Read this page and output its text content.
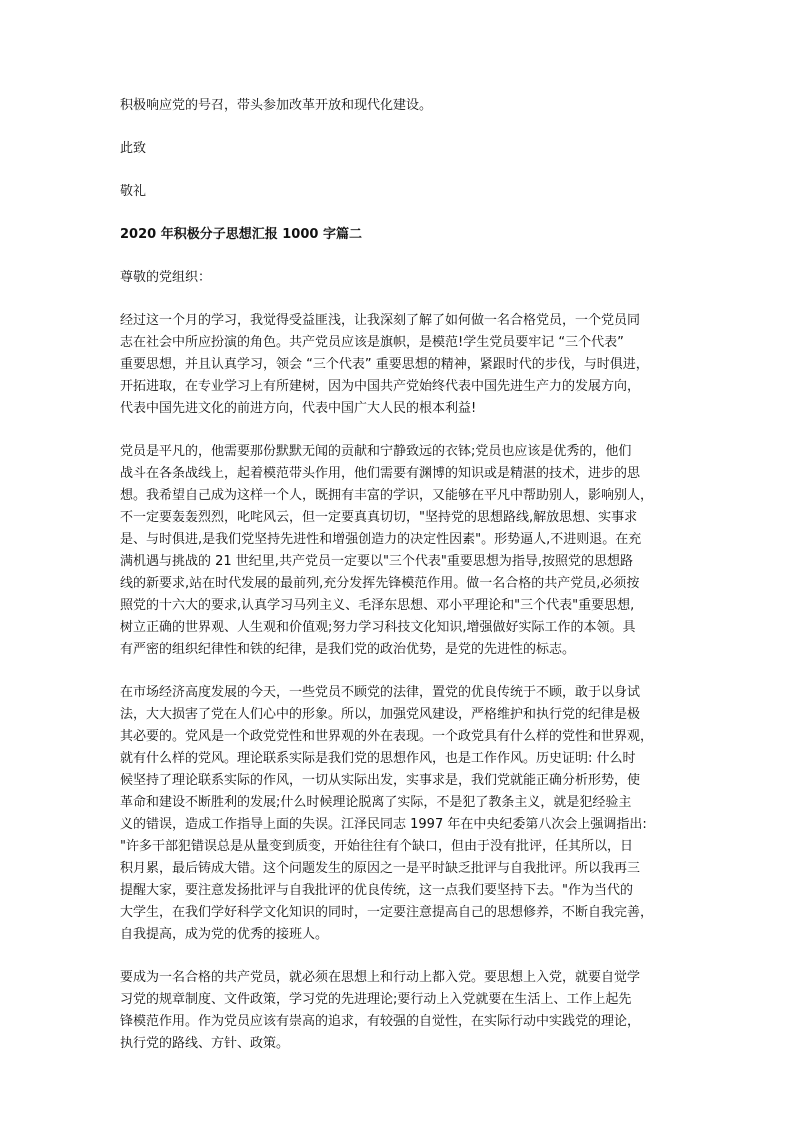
积极响应党的号召，带头参加改革开放和现代化建设。

此致

敬礼

2020 年积极分子思想汇报 1000 字篇二

尊敬的党组织：

经过这一个月的学习，我觉得受益匪浅，让我深刻了解了如何做一名合格党员，一个党员同
志在社会中所应扮演的角色。共产党员应该是旗帜，是模范!学生党员要牢记 “三个代表”
重要思想，并且认真学习，领会 “三个代表” 重要思想的精神，紧跟时代的步伐，与时俱进，
开拓进取，在专业学习上有所建树，因为中国共产党始终代表中国先进生产力的发展方向，
代表中国先进文化的前进方向，代表中国广大人民的根本利益!
党员是平凡的，他需要那份默默无闻的贡献和宁静致远的衣钵;党员也应该是优秀的，他们
战斗在各条战线上，起着模范带头作用，他们需要有渊博的知识或是精湛的技术，进步的思
想。我希望自己成为这样一个人，既拥有丰富的学识，又能够在平凡中帮助别人，影响别人，
不一定要轰轰烈烈，叱咤风云，但一定要真真切切，"坚持党的思想路线,解放思想、实事求
是、与时俱进,是我们党坚持先进性和增强创造力的决定性因素"。形势逼人,不进则退。在充
满机遇与挑战的 21 世纪里,共产党员一定要以"三个代表"重要思想为指导,按照党的思想路
线的新要求,站在时代发展的最前列,充分发挥先锋模范作用。做一名合格的共产党员,必须按
照党的十六大的要求,认真学习马列主义、毛泽东思想、邓小平理论和"三个代表"重要思想,
树立正确的世界观、人生观和价值观;努力学习科技文化知识,增强做好实际工作的本领。具
有严密的组织纪律性和铁的纪律，是我们党的政治优势，是党的先进性的标志。
在市场经济高度发展的今天，一些党员不顾党的法律，置党的优良传统于不顾，敢于以身试
法，大大损害了党在人们心中的形象。所以，加强党风建设，严格维护和执行党的纪律是极
其必要的。党风是一个政党党性和世界观的外在表现。一个政党具有什么样的党性和世界观，
就有什么样的党风。理论联系实际是我们党的思想作风，也是工作作风。历史证明: 什么时
候坚持了理论联系实际的作风，一切从实际出发，实事求是，我们党就能正确分析形势，使
革命和建设不断胜利的发展;什么时候理论脱离了实际，不是犯了教条主义，就是犯经验主
义的错误，造成工作指导上面的失误。江泽民同志 1997 年在中央纪委第八次会上强调指出:
"许多干部犯错误总是从量变到质变，开始往往有个缺口，但由于没有批评，任其所以，日
积月累，最后铸成大错。这个问题发生的原因之一是平时缺乏批评与自我批评。所以我再三
提醒大家，要注意发扬批评与自我批评的优良传统，这一点我们要坚持下去。"作为当代的
大学生，在我们学好科学文化知识的同时，一定要注意提高自己的思想修养，不断自我完善，
自我提高，成为党的优秀的接班人。
要成为一名合格的共产党员，就必须在思想上和行动上都入党。要思想上入党，就要自觉学
习党的规章制度、文件政策，学习党的先进理论;要行动上入党就要在生活上、工作上起先
锋模范作用。作为党员应该有崇高的追求，有较强的自觉性，在实际行动中实践党的理论，
执行党的路线、方针、政策。
